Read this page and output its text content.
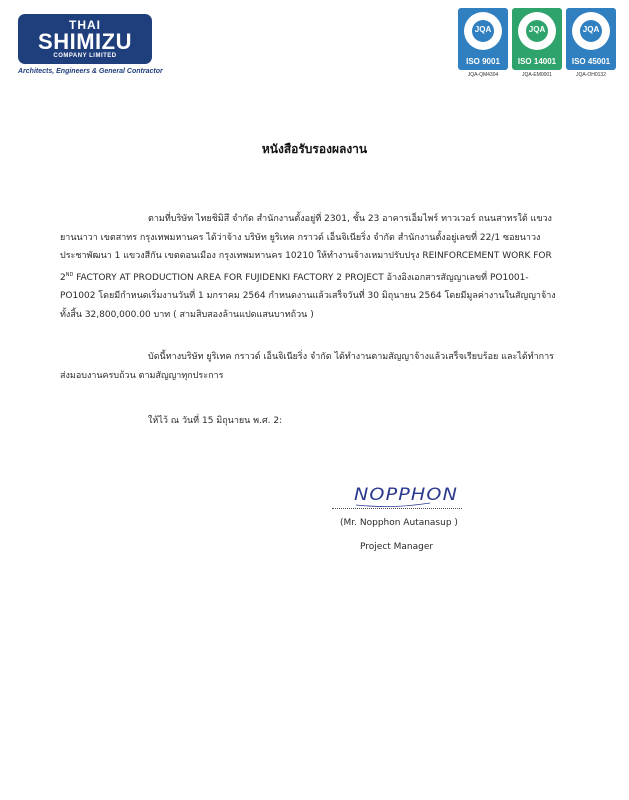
THAI
SHIMIZU
COMPANY LIMITED
Architects, Engineers & General Contractor
JQA
ISO 9001
JQA-QM4304
JQA
ISO 14001
JQA-EM0001
JQA
ISO 45001
JQA-OH0132
หนังสือรับรองผลงาน
ตามที่บริษัท ไทยชิมิสึ จำกัด สำนักงานตั้งอยู่ที่ 2301, ชั้น 23 อาคารเอ็มไพร์ ทาวเวอร์ ถนนสาทรใต้ แขวง
ยานนาวา เขตสาทร กรุงเทพมหานคร ได้ว่าจ้าง บริษัท ยูริเทค กราวด์ เอ็นจิเนียริ่ง จำกัด สำนักงานตั้งอยู่เลขที่ 22/1 ซอยนาวง
ประชาพัฒนา 1 แขวงสีกัน เขตดอนเมือง กรุงเทพมหานคร 10210 ให้ทำงานจ้างเหมาปรับปรุง REINFORCEMENT WORK FOR
2ND FACTORY AT PRODUCTION AREA FOR FUJIDENKI FACTORY 2 PROJECT อ้างอิงเอกสารสัญญาเลขที่ PO1001-
PO1002 โดยมีกำหนดเริ่มงานวันที่ 1 มกราคม 2564 กำหนดงานแล้วเสร็จวันที่ 30 มิถุนายน 2564 โดยมีมูลค่างานในสัญญาจ้าง
ทั้งสิ้น 32,800,000.00 บาท ( สามสิบสองล้านแปดแสนบาทถ้วน )
บัดนี้ทางบริษัท ยูริเทค กราวด์ เอ็นจิเนียริ่ง จำกัด ได้ทำงานตามสัญญาจ้างแล้วเสร็จเรียบร้อย และได้ทำการ
ส่งมอบงานครบถ้วน ตามสัญญาทุกประการ
ให้ไว้ ณ วันที่ 15 มิถุนายน พ.ศ. 2:
NOPPHON
(Mr. Nopphon Autanasup )
Project Manager
